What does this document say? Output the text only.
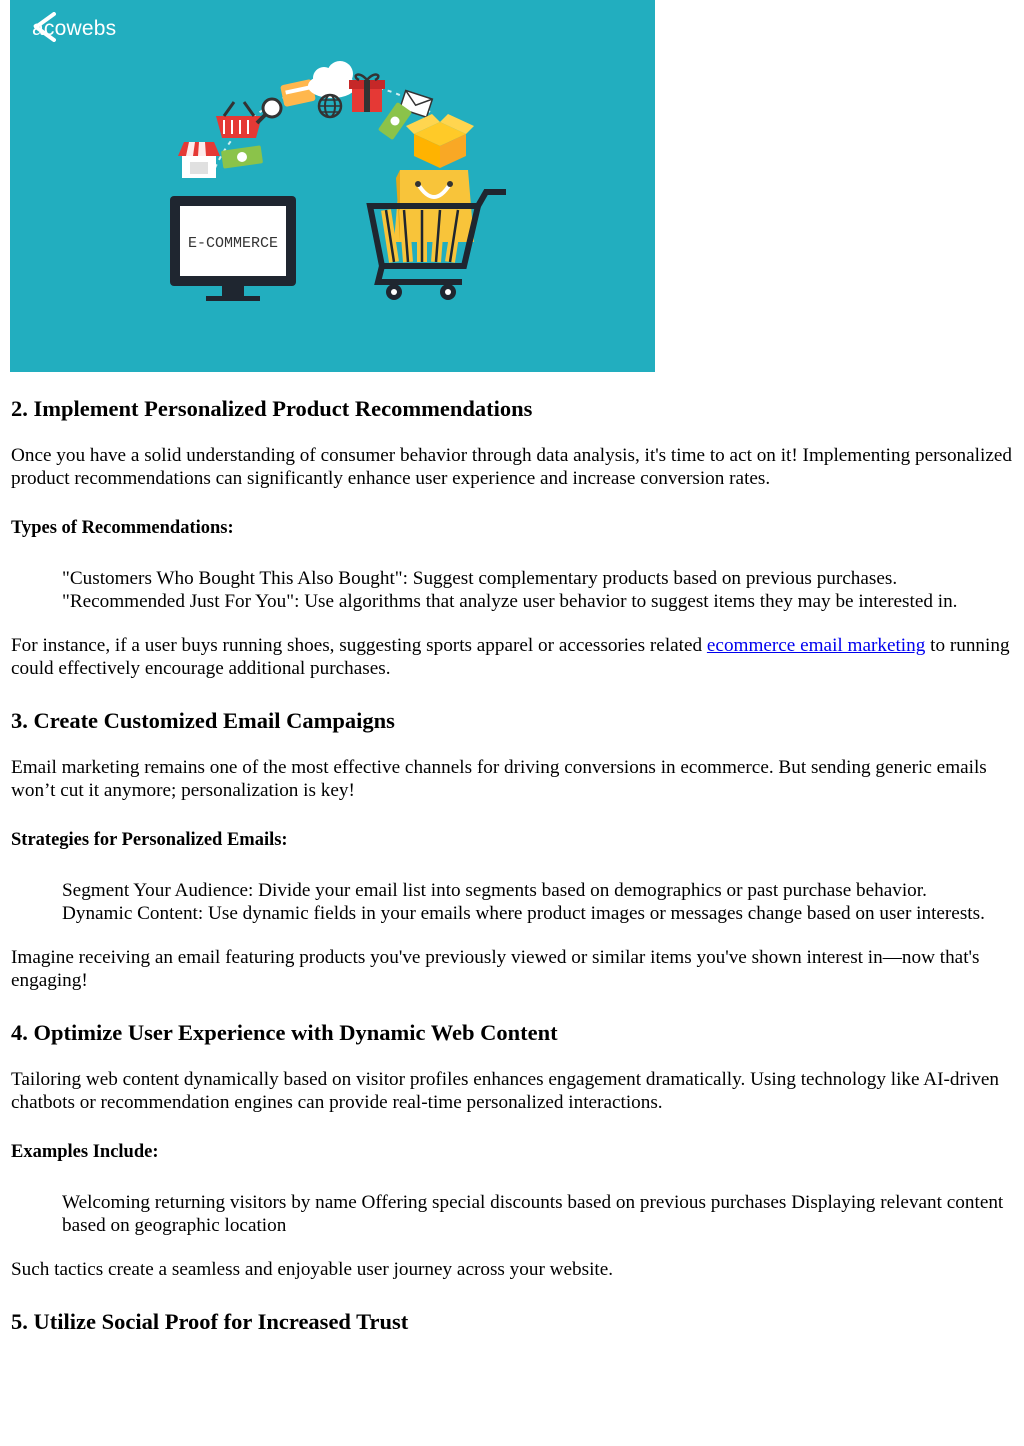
E-COMMERCE
acowebs
2. Implement Personalized Product Recommendations

Once you have a solid understanding of consumer behavior through data analysis, it's time to act on it! Implementing personalized product recommendations can significantly enhance user experience and increase conversion rates.

Types of Recommendations:
"Customers Who Bought This Also Bought": Suggest complementary products based on previous purchases.
"Recommended Just For You": Use algorithms that analyze user behavior to suggest items they may be interested in.

For instance, if a user buys running shoes, suggesting sports apparel or accessories related ecommerce email marketing to running could effectively encourage additional purchases.

3. Create Customized Email Campaigns

Email marketing remains one of the most effective channels for driving conversions in ecommerce. But sending generic emails won’t cut it anymore; personalization is key!

Strategies for Personalized Emails:
Segment Your Audience: Divide your email list into segments based on demographics or past purchase behavior.
Dynamic Content: Use dynamic fields in your emails where product images or messages change based on user interests.

Imagine receiving an email featuring products you've previously viewed or similar items you've shown interest in—now that's engaging!

4. Optimize User Experience with Dynamic Web Content

Tailoring web content dynamically based on visitor profiles enhances engagement dramatically. Using technology like AI-driven chatbots or recommendation engines can provide real-time personalized interactions.

Examples Include:
Welcoming returning visitors by name Offering special discounts based on previous purchases Displaying relevant content based on geographic location

Such tactics create a seamless and enjoyable user journey across your website.

5. Utilize Social Proof for Increased Trust
